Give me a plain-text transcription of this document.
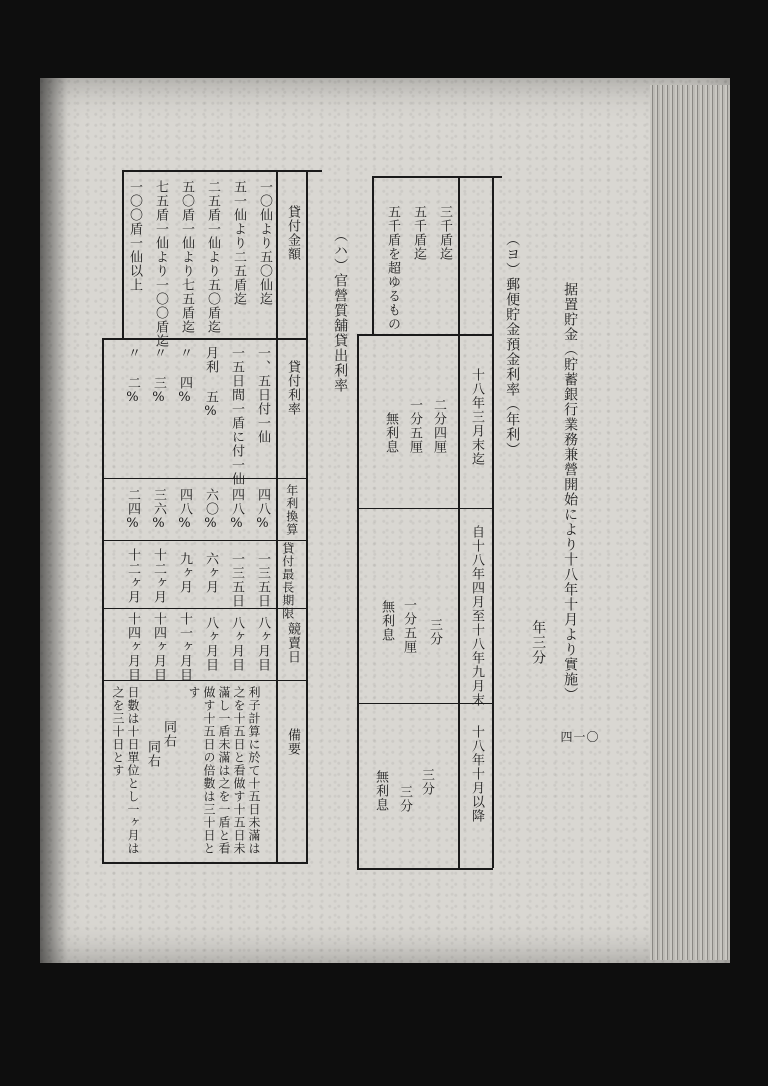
据置貯金（貯蓄銀行業務兼營開始により十八年十月より實施）
年三分
四一〇
（ヨ）郵便貯金預金利率（年利）
十八年三月末迄
自十八年四月至十八年九月末
十八年十月以降
三千盾迄
五千盾迄
五千盾を超ゆるもの
二分四厘
一分五厘
無利息
三分
一分五厘
無利息
三分
三分
無利息
（ハ）官營質舖貸出利率
貸付金額
貸付利率
年利換算
貸付最長期限
競賣日
備要
一〇仙より五〇仙迄
五一仙より二五盾迄
二五盾一仙より五〇盾迄
五〇盾一仙より七五盾迄
七五盾一仙より一〇〇盾迄
一〇〇盾一仙以上
一、五日付一仙
一五日間一盾に付一仙
月利 五%
〃 四%
〃 三%
〃 二%
四八%
四八%
六〇%
四八%
三六%
二四%
一三五日
一三五日
六ヶ月
九ヶ月
十二ヶ月
十二ヶ月
八ヶ月目
八ヶ月目
八ヶ月目
十一ヶ月目
十四ヶ月目
十四ヶ月目
利子計算に於て十五日未滿は之を十五日と看做す十五日未滿し一盾未滿は之を一盾と看做す十五日の倍數は三十日とす
同右
同右
日數は十日單位とし一ヶ月は之を三十日とす
